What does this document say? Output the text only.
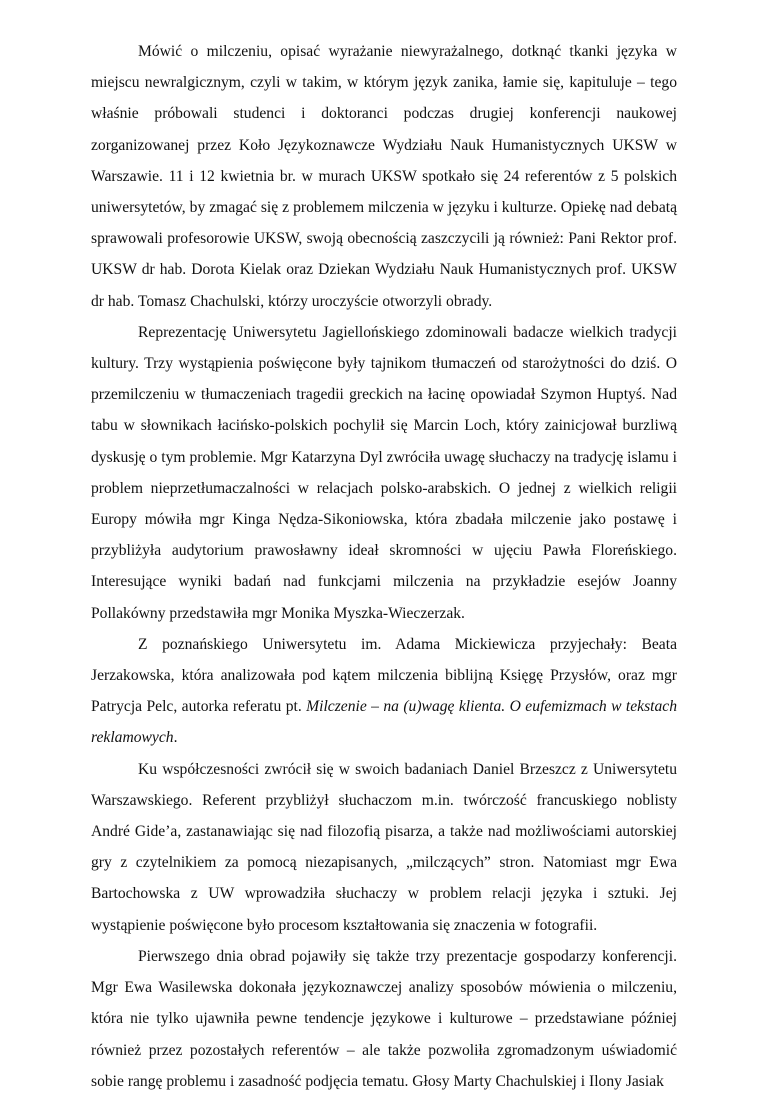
Mówić o milczeniu, opisać wyrażanie niewyrażalnego, dotknąć tkanki języka w miejscu newralgicznym, czyli w takim, w którym język zanika, łamie się, kapituluje – tego właśnie próbowali studenci i doktoranci podczas drugiej konferencji naukowej zorganizowanej przez Koło Językoznawcze Wydziału Nauk Humanistycznych UKSW w Warszawie. 11 i 12 kwietnia br. w murach UKSW spotkało się 24 referentów z 5 polskich uniwersytetów, by zmagać się z problemem milczenia w języku i kulturze. Opiekę nad debatą sprawowali profesorowie UKSW, swoją obecnością zaszczycili ją również: Pani Rektor prof. UKSW dr hab. Dorota Kielak oraz Dziekan Wydziału Nauk Humanistycznych prof. UKSW dr hab. Tomasz Chachulski, którzy uroczyście otworzyli obrady.

Reprezentację Uniwersytetu Jagiellońskiego zdominowali badacze wielkich tradycji kultury. Trzy wystąpienia poświęcone były tajnikom tłumaczeń od starożytności do dziś. O przemilczeniu w tłumaczeniach tragedii greckich na łacinę opowiadał Szymon Huptyś. Nad tabu w słownikach łacińsko-polskich pochylił się Marcin Loch, który zainicjował burzliwą dyskusję o tym problemie. Mgr Katarzyna Dyl zwróciła uwagę słuchaczy na tradycję islamu i problem nieprzetłumaczalności w relacjach polsko-arabskich. O jednej z wielkich religii Europy mówiła mgr Kinga Nędza-Sikoniowska, która zbadała milczenie jako postawę i przybliżyła audytorium prawosławny ideał skromności w ujęciu Pawła Floreńskiego. Interesujące wyniki badań nad funkcjami milczenia na przykładzie esejów Joanny Pollakówny przedstawiła mgr Monika Myszka-Wieczerzak.

Z poznańskiego Uniwersytetu im. Adama Mickiewicza przyjechały: Beata Jerzakowska, która analizowała pod kątem milczenia biblijną Księgę Przysłów, oraz mgr Patrycja Pelc, autorka referatu pt. Milczenie – na (u)wagę klienta. O eufemizmach w tekstach reklamowych.

Ku współczesności zwrócił się w swoich badaniach Daniel Brzeszcz z Uniwersytetu Warszawskiego. Referent przybliżył słuchaczom m.in. twórczość francuskiego noblisty André Gide’a, zastanawiając się nad filozofią pisarza, a także nad możliwościami autorskiej gry z czytelnikiem za pomocą niezapisanych, „milczących” stron. Natomiast mgr Ewa Bartochowska z UW wprowadziła słuchaczy w problem relacji języka i sztuki. Jej wystąpienie poświęcone było procesom kształtowania się znaczenia w fotografii.

Pierwszego dnia obrad pojawiły się także trzy prezentacje gospodarzy konferencji. Mgr Ewa Wasilewska dokonała językoznawczej analizy sposobów mówienia o milczeniu, która nie tylko ujawniła pewne tendencje językowe i kulturowe – przedstawiane później również przez pozostałych referentów – ale także pozwoliła zgromadzonym uświadomić sobie rangę problemu i zasadność podjęcia tematu. Głosy Marty Chachulskiej i Ilony Jasiak
